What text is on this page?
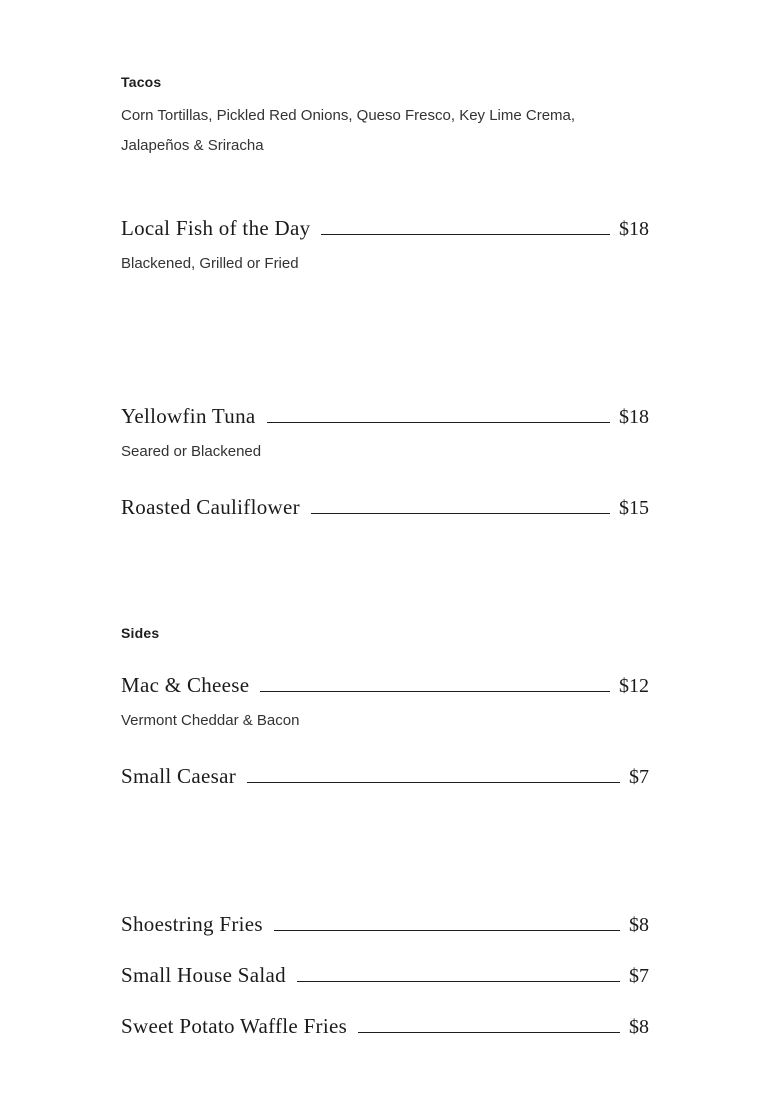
Tacos
Corn Tortillas, Pickled Red Onions, Queso Fresco, Key Lime Crema,
Jalapeños & Sriracha
Local Fish of the Day	$18
Blackened, Grilled or Fried
Yellowfin Tuna	$18
Seared or Blackened
Roasted Cauliflower	$15
Sides
Mac & Cheese	$12
Vermont Cheddar & Bacon
Small Caesar	$7
Shoestring Fries	$8
Small House Salad	$7
Sweet Potato Waffle Fries	$8
